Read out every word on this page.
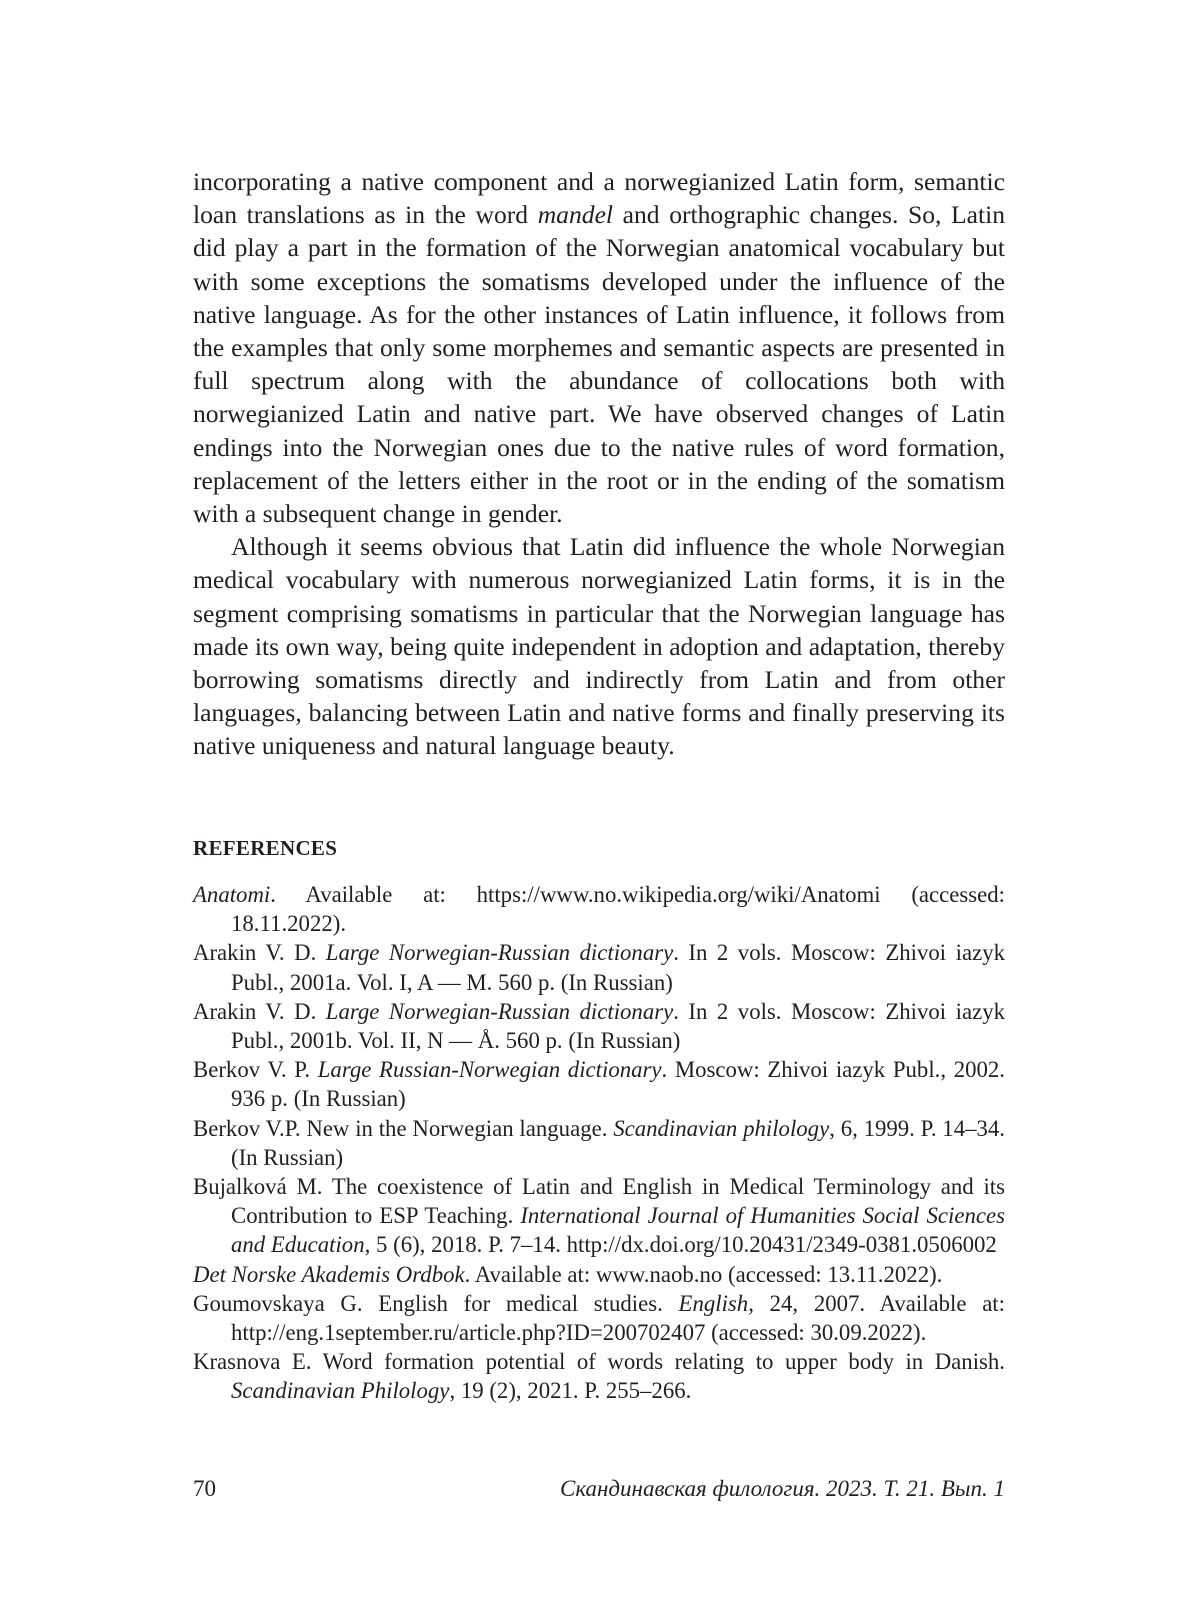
incorporating a native component and a norwegianized Latin form, semantic loan translations as in the word mandel and orthographic changes. So, Latin did play a part in the formation of the Norwegian anatomical vocabulary but with some exceptions the somatisms developed under the influence of the native language. As for the other instances of Latin influence, it follows from the examples that only some morphemes and semantic aspects are presented in full spectrum along with the abundance of collocations both with norwegianized Latin and native part. We have observed changes of Latin endings into the Norwegian ones due to the native rules of word formation, replacement of the letters either in the root or in the ending of the somatism with a subsequent change in gender.

Although it seems obvious that Latin did influence the whole Norwegian medical vocabulary with numerous norwegianized Latin forms, it is in the segment comprising somatisms in particular that the Norwegian language has made its own way, being quite independent in adoption and adaptation, thereby borrowing somatisms directly and indirectly from Latin and from other languages, balancing between Latin and native forms and finally preserving its native uniqueness and natural language beauty.

REFERENCES

Anatomi. Available at: https://www.no.wikipedia.org/wiki/Anatomi (accessed: 18.11.2022).

Arakin V. D. Large Norwegian-Russian dictionary. In 2 vols. Moscow: Zhivoi iazyk Publ., 2001a. Vol. I, A — M. 560 p. (In Russian)

Arakin V. D. Large Norwegian-Russian dictionary. In 2 vols. Moscow: Zhivoi iazyk Publ., 2001b. Vol. II, N — Å. 560 p. (In Russian)

Berkov V. P. Large Russian-Norwegian dictionary. Moscow: Zhivoi iazyk Publ., 2002. 936 p. (In Russian)

Berkov V.P. New in the Norwegian language. Scandinavian philology, 6, 1999. P. 14–34. (In Russian)

Bujalková M. The coexistence of Latin and English in Medical Terminology and its Contribution to ESP Teaching. International Journal of Humanities Social Sciences and Education, 5 (6), 2018. P. 7–14. http://dx.doi.org/10.20431/2349-0381.0506002

Det Norske Akademis Ordbok. Available at: www.naob.no (accessed: 13.11.2022).

Goumovskaya G. English for medical studies. English, 24, 2007. Available at: http://eng.1september.ru/article.php?ID=200702407 (accessed: 30.09.2022).

Krasnova E. Word formation potential of words relating to upper body in Danish. Scandinavian Philology, 19 (2), 2021. P. 255–266.

70	Скандинавская филология. 2023. Т. 21. Вып. 1
